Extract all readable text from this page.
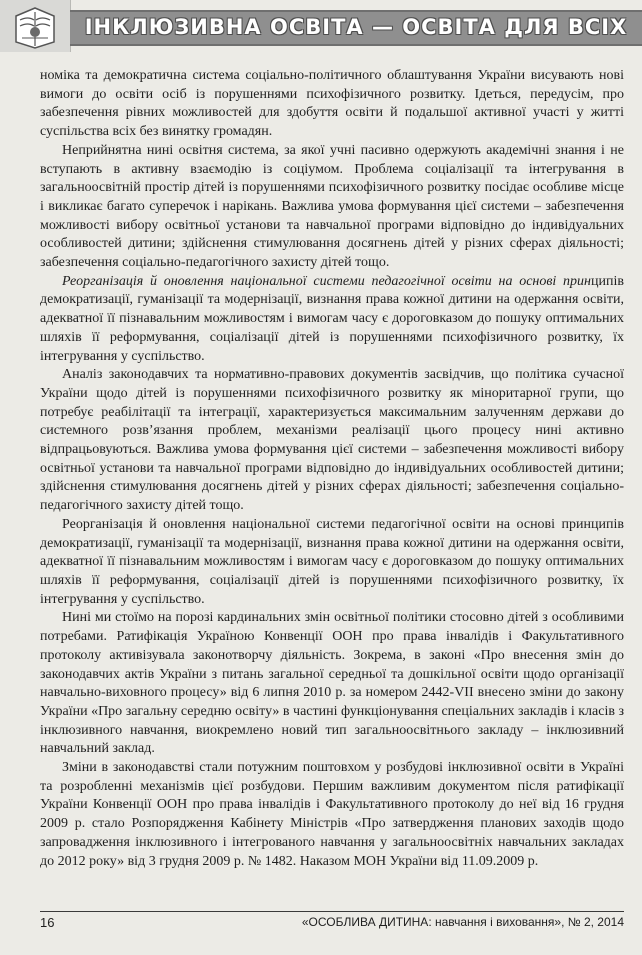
ІНКЛЮЗИВНА ОСВІТА — ОСВІТА ДЛЯ ВСІХ

номіка та демократична система соціально-політичного облаштування України висувають нові вимоги до освіти осіб із порушеннями психофізичного розвитку. Ідеться, передусім, про забезпечення рівних можливостей для здобуття освіти й подальшої активної участі у житті суспільства всіх без винятку громадян.

Неприйнятна нині освітня система, за якої учні пасивно одержують академічні знання і не вступають в активну взаємодію із соціумом. Проблема соціалізації та інтегрування в загальноосвітній простір дітей із порушеннями психофізичного розвитку посідає особливе місце і викликає багато суперечок і нарікань. Важлива умова формування цієї системи – забезпечення можливості вибору освітньої установи та навчальної програми відповідно до індивідуальних особливостей дитини; здійснення стимулювання досягнень дітей у різних сферах діяльності; забезпечення соціально-педагогічного захисту дітей тощо.

Реорганізація й оновлення національної системи педагогічної освіти на основі принципів демократизації, гуманізації та модернізації, визнання права кожної дитини на одержання освіти, адекватної її пізнавальним можливостям і вимогам часу є дороговказом до пошуку оптимальних шляхів її реформування, соціалізації дітей із порушеннями психофізичного розвитку, їх інтегрування у суспільство.

Аналіз законодавчих та нормативно-правових документів засвідчив, що політика сучасної України щодо дітей із порушеннями психофізичного розвитку як міноритарної групи, що потребує реабілітації та інтеграції, характеризується максимальним залученням держави до системного розв’язання проблем, механізми реалізації цього процесу нині активно відпрацьовуються. Важлива умова формування цієї системи – забезпечення можливості вибору освітньої установи та навчальної програми відповідно до індивідуальних особливостей дитини; здійснення стимулювання досягнень дітей у різних сферах діяльності; забезпечення соціально-педагогічного захисту дітей тощо.

Реорганізація й оновлення національної системи педагогічної освіти на основі принципів демократизації, гуманізації та модернізації, визнання права кожної дитини на одержання освіти, адекватної її пізнавальним можливостям і вимогам часу є дороговказом до пошуку оптимальних шляхів її реформування, соціалізації дітей із порушеннями психофізичного розвитку, їх інтегрування у суспільство.

Нині ми стоїмо на порозі кардинальних змін освітньої політики стосовно дітей з особливими потребами. Ратифікація Україною Конвенції ООН про права інвалідів і Факультативного протоколу активізувала законотворчу діяльність. Зокрема, в законі «Про внесення змін до законодавчих актів України з питань загальної середньої та дошкільної освіти щодо організації навчально-виховного процесу» від 6 липня 2010 р. за номером 2442-VII внесено зміни до закону України «Про загальну середню освіту» в частині функціонування спеціальних закладів і класів з інклюзивного навчання, виокремлено новий тип загальноосвітнього закладу – інклюзивний навчальний заклад.

Зміни в законодавстві стали потужним поштовхом у розбудові інклюзивної освіти в Україні та розробленні механізмів цієї розбудови. Першим важливим документом після ратифікації України Конвенції ООН про права інвалідів і Факультативного протоколу до неї від 16 грудня 2009 р. стало Розпорядження Кабінету Міністрів «Про затвердження планових заходів щодо запровадження інклюзивного і інтегрованого навчання у загальноосвітніх навчальних закладах до 2012 року» від 3 грудня 2009 р. № 1482. Наказом МОН України від 11.09.2009 р.

16	«ОСОБЛИВА ДИТИНА: навчання і виховання», № 2, 2014
